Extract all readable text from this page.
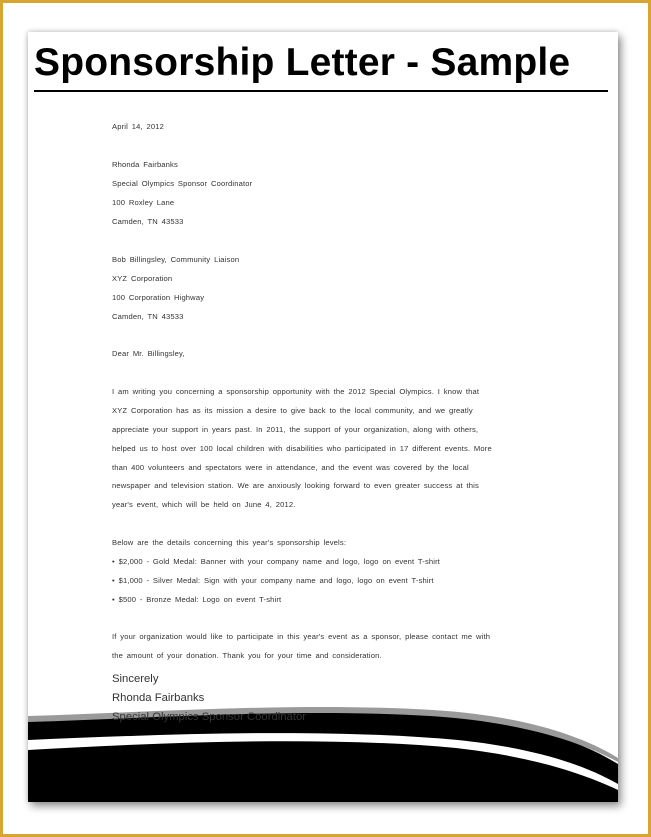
Sponsorship Letter - Sample
April 14, 2012
Rhonda Fairbanks
Special Olympics Sponsor Coordinator
100 Roxley Lane
Camden, TN 43533
Bob Billingsley, Community Liaison
XYZ Corporation
100 Corporation Highway
Camden, TN 43533
Dear Mr. Billingsley,
I am writing you concerning a sponsorship opportunity with the 2012 Special Olympics. I know that
XYZ Corporation has as its mission a desire to give back to the local community, and we greatly
appreciate your support in years past. In 2011, the support of your organization, along with others,
helped us to host over 100 local children with disabilities who participated in 17 different events. More
than 400 volunteers and spectators were in attendance, and the event was covered by the local
newspaper and television station. We are anxiously looking forward to even greater success at this
year's event, which will be held on June 4, 2012.
Below are the details concerning this year's sponsorship levels:
• $2,000 - Gold Medal: Banner with your company name and logo, logo on event T-shirt
• $1,000 - Silver Medal: Sign with your company name and logo, logo on event T-shirt
• $500 - Bronze Medal: Logo on event T-shirt
If your organization would like to participate in this year's event as a sponsor, please contact me with
the amount of your donation. Thank you for your time and consideration.
Sincerely
Rhonda Fairbanks
Special Olympics Sponsor Coordinator
